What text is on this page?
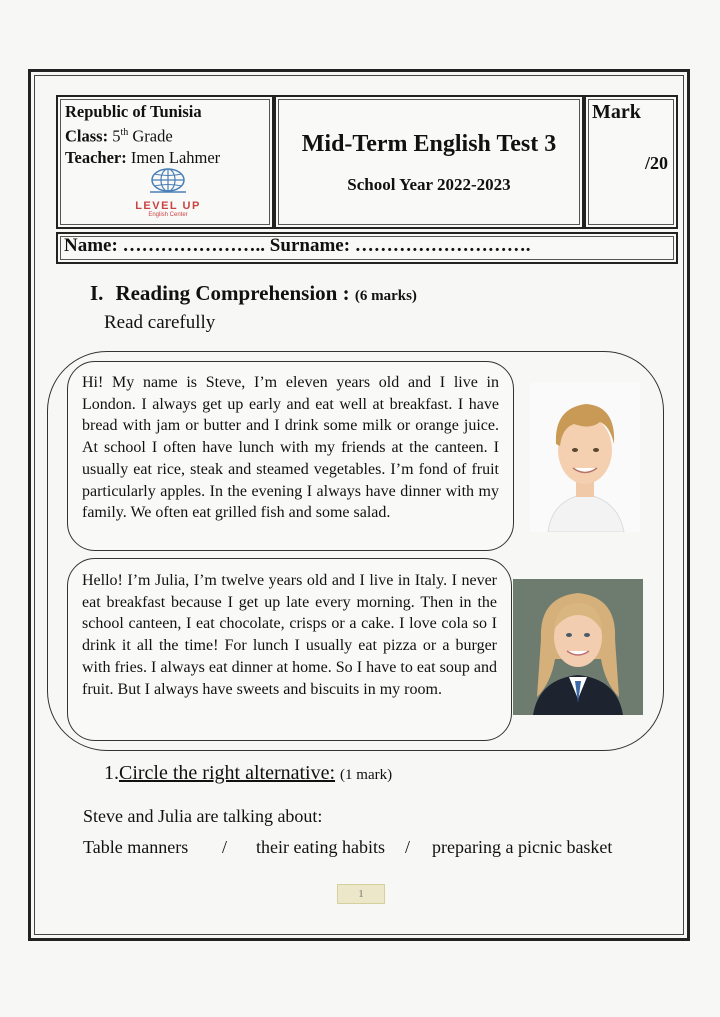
Republic of Tunisia
Class: 5th Grade
Teacher: Imen Lahmer
LEVEL UP
English Center
Mid-Term English Test 3
School Year 2022-2023
Mark
/20
Name: ………………….. Surname: ……………………….
I. Reading Comprehension : (6 marks)
Read carefully
Hi! My name is Steve, I’m eleven years old and I live in London. I always get up early and eat well at breakfast. I have bread with jam or butter and I drink some milk or orange juice. At school I often have lunch with my friends at the canteen. I usually eat rice, steak and steamed vegetables. I’m fond of fruit particularly apples. In the evening I always have dinner with my family. We often eat grilled fish and some salad.
Hello! I’m Julia, I’m twelve years old and I live in Italy. I never eat breakfast because I get up late every morning. Then in the school canteen, I eat chocolate, crisps or a cake. I love cola so I drink it all the time! For lunch I usually eat pizza or a burger with fries. I always eat dinner at home. So I have to eat soup and fruit. But I always have sweets and biscuits in my room.
1.Circle the right alternative: (1 mark)
Steve and Julia are talking about:
Table manners / their eating habits / preparing a picnic basket
1
